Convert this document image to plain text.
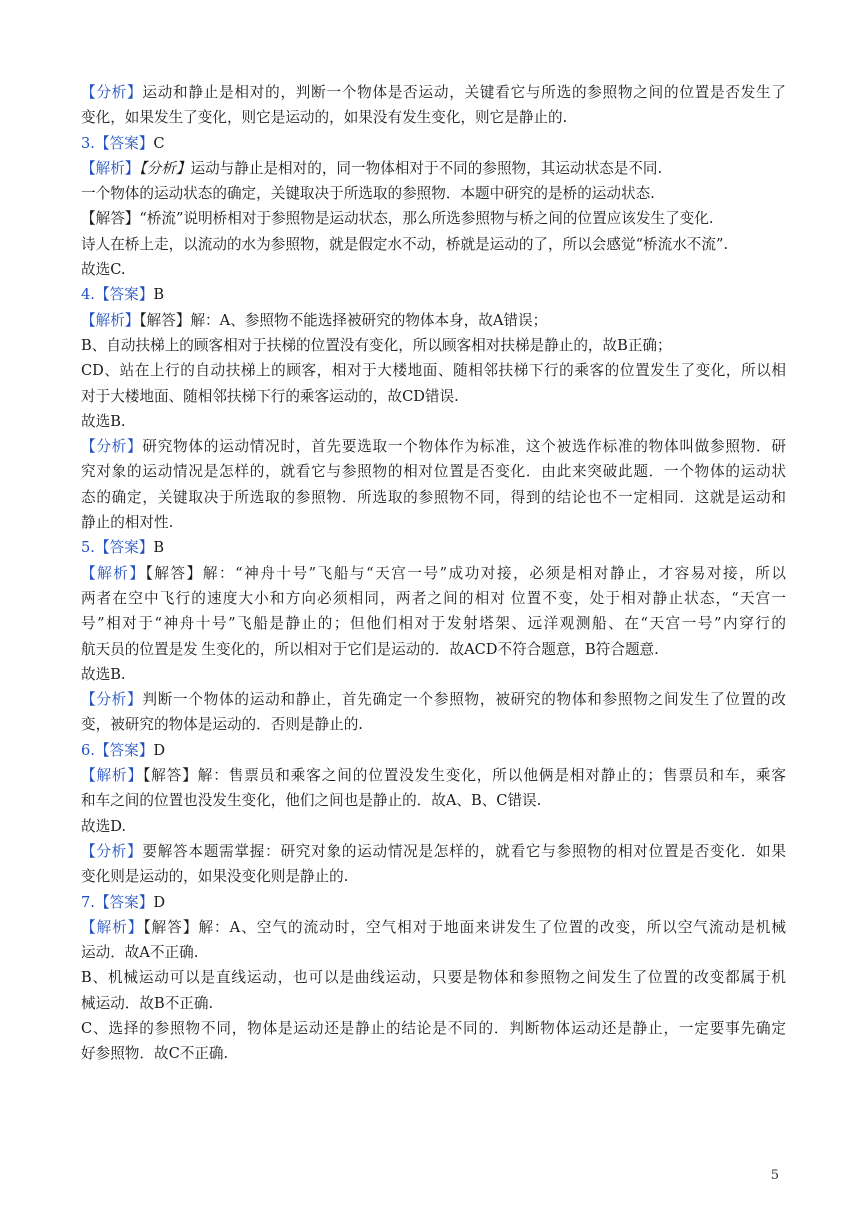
【分析】运动和静止是相对的，判断一个物体是否运动，关键看它与所选的参照物之间的位置是否发生了
变化，如果发生了变化，则它是运动的，如果没有发生变化，则它是静止的.
3.【答案】C
【解析】【分析】运动与静止是相对的，同一物体相对于不同的参照物，其运动状态是不同.
一个物体的运动状态的确定，关键取决于所选取的参照物．本题中研究的是桥的运动状态.
【解答】“桥流”说明桥相对于参照物是运动状态，那么所选参照物与桥之间的位置应该发生了变化.
诗人在桥上走，以流动的水为参照物，就是假定水不动，桥就是运动的了，所以会感觉“桥流水不流”.
故选C.
4.【答案】B
【解析】【解答】解：A、参照物不能选择被研究的物体本身，故A错误；
B、自动扶梯上的顾客相对于扶梯的位置没有变化，所以顾客相对扶梯是静止的，故B正确；
CD、站在上行的自动扶梯上的顾客，相对于大楼地面、随相邻扶梯下行的乘客的位置发生了变化，所以相
对于大楼地面、随相邻扶梯下行的乘客运动的，故CD错误.
故选B.
【分析】研究物体的运动情况时，首先要选取一个物体作为标准，这个被选作标准的物体叫做参照物．研
究对象的运动情况是怎样的，就看它与参照物的相对位置是否变化．由此来突破此题．一个物体的运动状
态的确定，关键取决于所选取的参照物．所选取的参照物不同，得到的结论也不一定相同．这就是运动和
静止的相对性.
5.【答案】B
【解析】【解答】解：“神舟十号”飞船与“天宫一号”成功对接，必须是相对静止，才容易对接，所以
两者在空中飞行的速度大小和方向必须相同，两者之间的相对 位置不变，处于相对静止状态，“天宫一
号”相对于“神舟十号”飞船是静止的；但他们相对于发射塔架、远洋观测船、在“天宫一号”内穿行的
航天员的位置是发 生变化的，所以相对于它们是运动的．故ACD不符合题意，B符合题意.
故选B.
【分析】判断一个物体的运动和静止，首先确定一个参照物，被研究的物体和参照物之间发生了位置的改
变，被研究的物体是运动的．否则是静止的.
6.【答案】D
【解析】【解答】解：售票员和乘客之间的位置没发生变化，所以他俩是相对静止的；售票员和车，乘客
和车之间的位置也没发生变化，他们之间也是静止的．故A、B、C错误.
故选D.
【分析】要解答本题需掌握：研究对象的运动情况是怎样的，就看它与参照物的相对位置是否变化．如果
变化则是运动的，如果没变化则是静止的.
7.【答案】D
【解析】【解答】解：A、空气的流动时，空气相对于地面来讲发生了位置的改变，所以空气流动是机械
运动．故A不正确.
B、机械运动可以是直线运动，也可以是曲线运动，只要是物体和参照物之间发生了位置的改变都属于机
械运动．故B不正确.
C、选择的参照物不同，物体是运动还是静止的结论是不同的．判断物体运动还是静止，一定要事先确定
好参照物．故C不正确.
5
